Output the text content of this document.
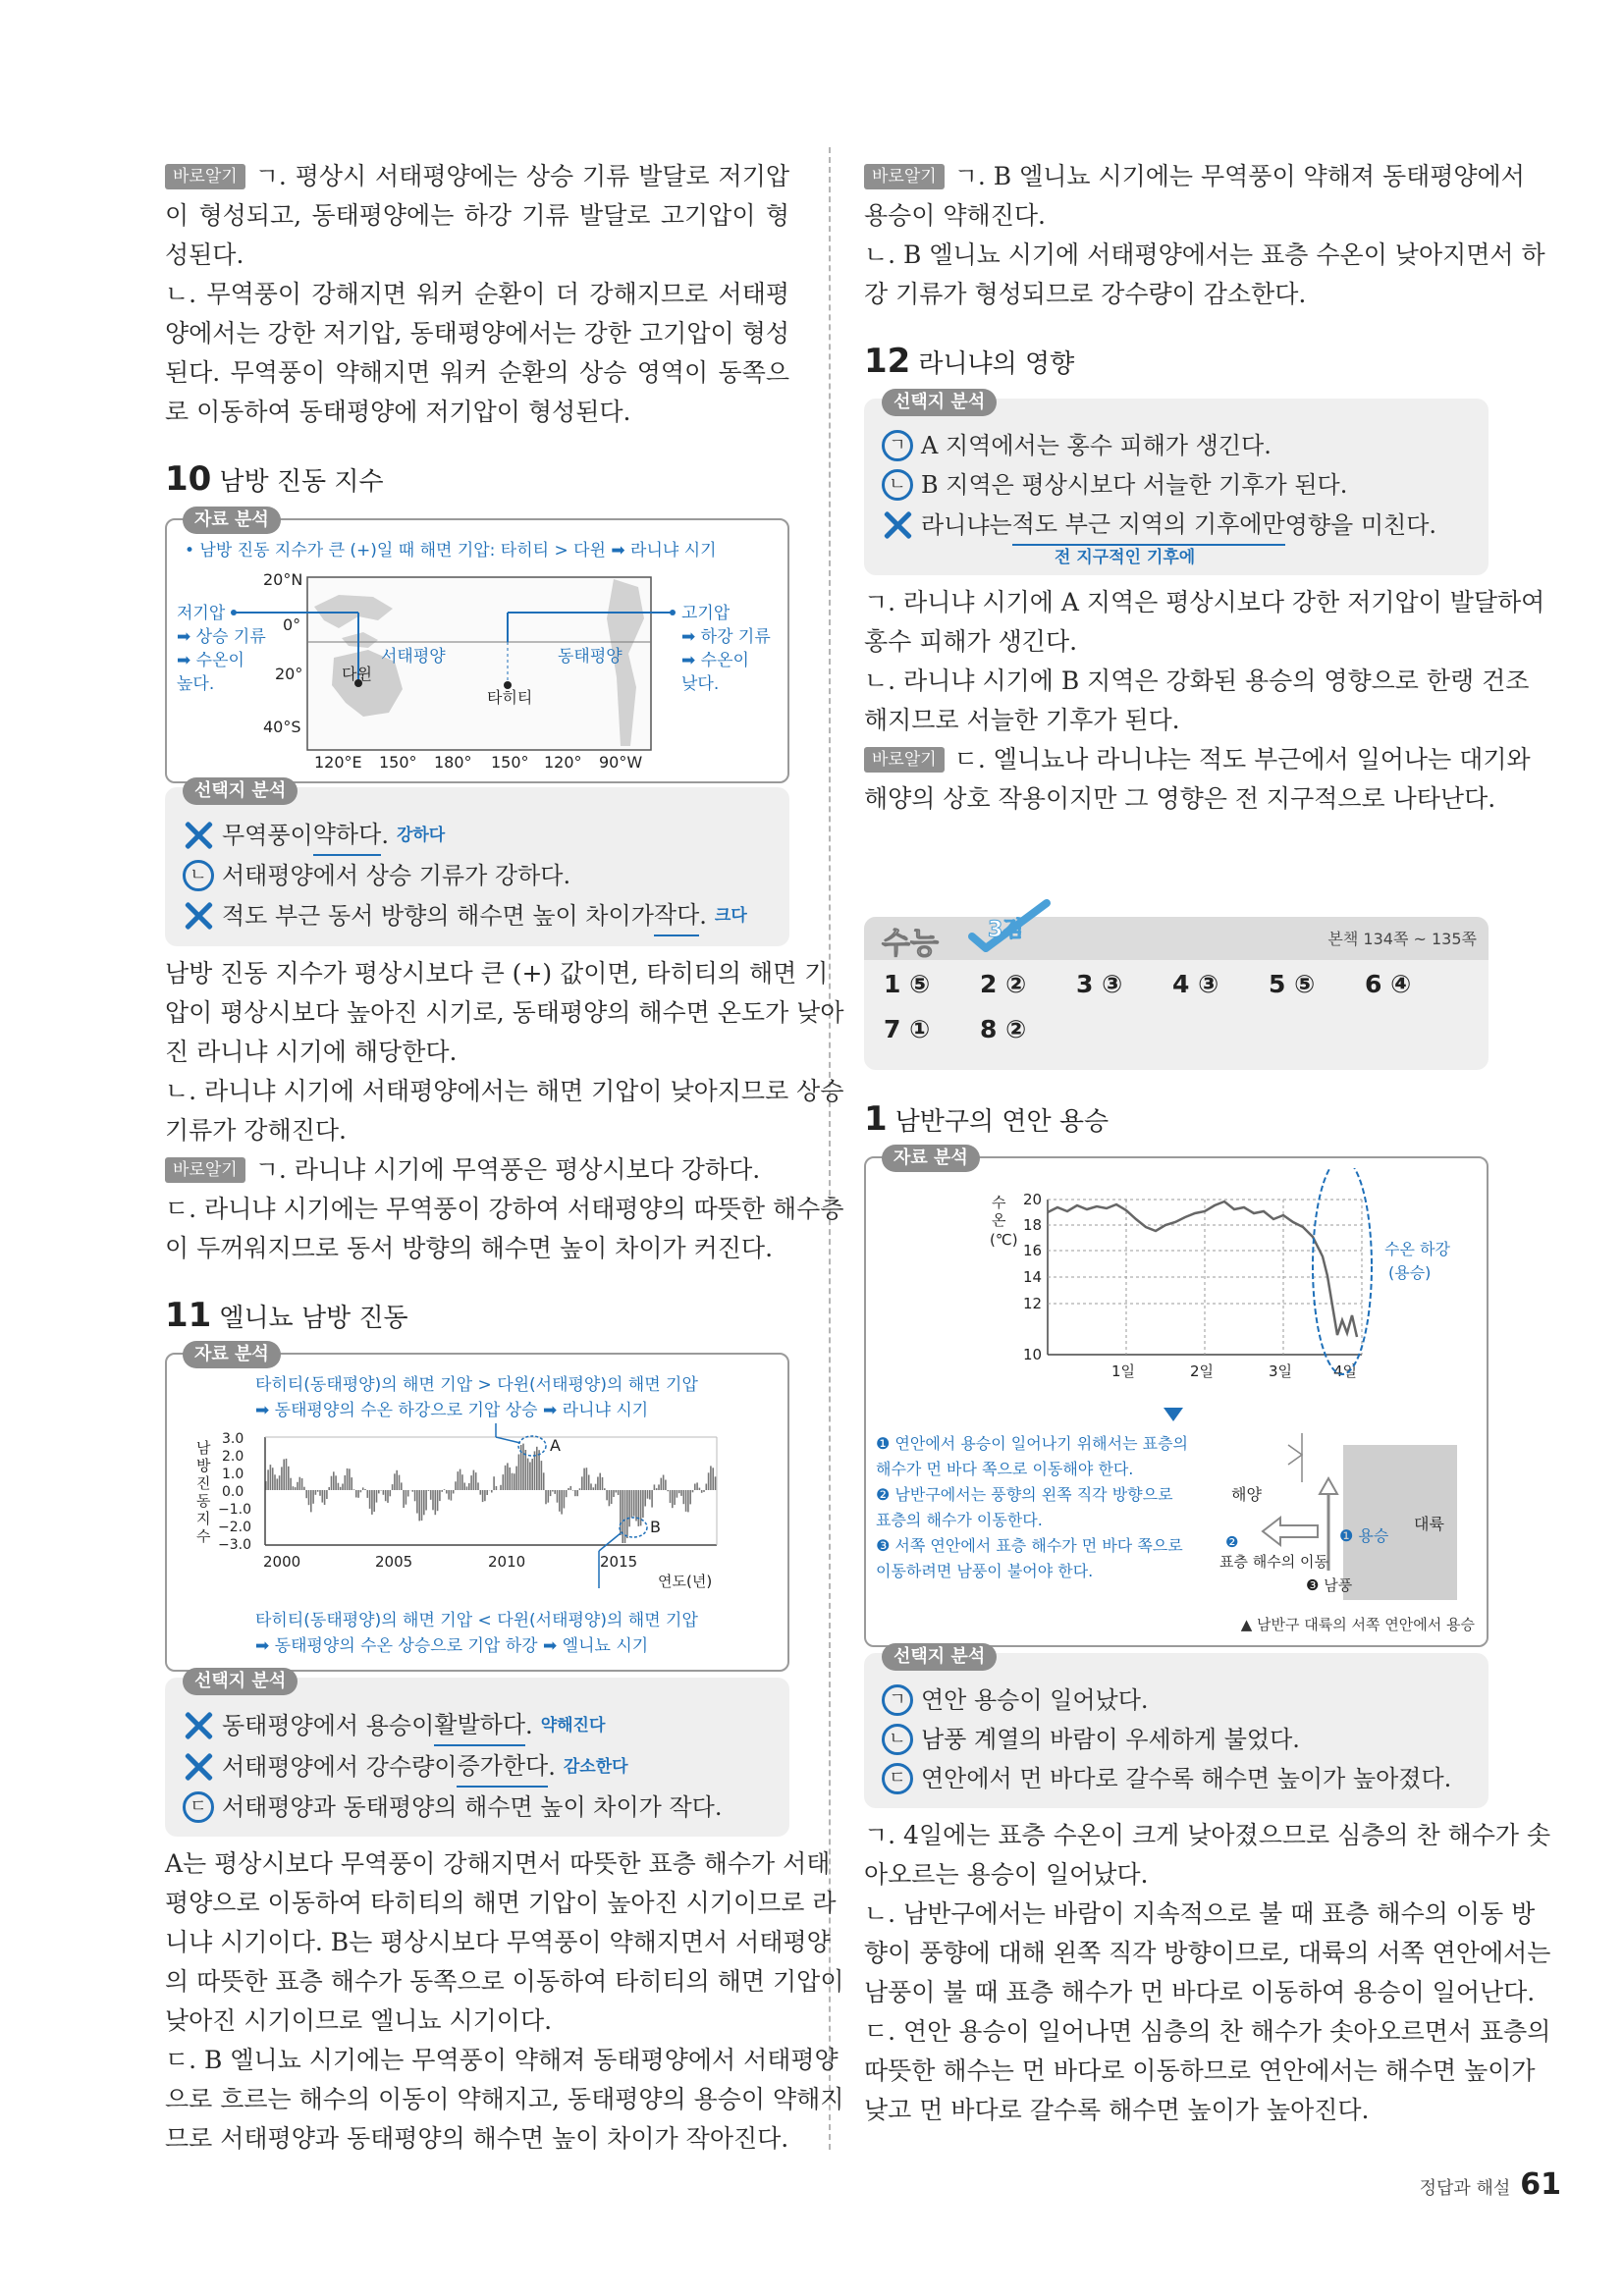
바로알기 ㄱ. 평상시 서태평양에는 상승 기류 발달로 저기압이 형성되고, 동태평양에는 하강 기류 발달로 고기압이 형성된다.
ㄴ. 무역풍이 강해지면 워커 순환이 더 강해지므로 서태평양에서는 강한 저기압, 동태평양에서는 강한 고기압이 형성된다. 무역풍이 약해지면 워커 순환의 상승 영역이 동쪽으로 이동하여 동태평양에 저기압이 형성된다.
10 남방 진동 지수
자료 분석
• 남방 진동 지수가 큰 (+)일 때 해면 기압: 타히티 > 다윈 ➡ 라니냐 시기
20°N
0°
20°
40°S
120°E 150° 180° 150° 120° 90°W
서태평양	동태평양
다윈
타히티
저기압
➡ 상승 기류
➡ 수온이
높다.
고기압
➡ 하강 기류
➡ 수온이
낮다.
선택지 분석
무역풍이 약하다 . 강하다
ㄴ 서태평양에서 상승 기류가 강하다.
적도 부근 동서 방향의 해수면 높이 차이가 작다 . 크다
남방 진동 지수가 평상시보다 큰 (+) 값이면, 타히티의 해면 기
압이 평상시보다 높아진 시기로, 동태평양의 해수면 온도가 낮아
진 라니냐 시기에 해당한다.
ㄴ. 라니냐 시기에 서태평양에서는 해면 기압이 낮아지므로 상승
기류가 강해진다.
바로알기 ㄱ. 라니냐 시기에 무역풍은 평상시보다 강하다.
ㄷ. 라니냐 시기에는 무역풍이 강하여 서태평양의 따뜻한 해수층
이 두꺼워지므로 동서 방향의 해수면 높이 차이가 커진다.
11 엘니뇨 남방 진동
자료 분석
타히티(동태평양)의 해면 기압 > 다윈(서태평양)의 해면 기압
➡ 동태평양의 수온 하강으로 기압 상승 ➡ 라니냐 시기
남
방
진
동
지
수
3.0
2.0
1.0
0.0
−1.0
−2.0
−3.0
2000	2005	2010	2015
연도(년)
A
B
타히티(동태평양)의 해면 기압 < 다윈(서태평양)의 해면 기압
➡ 동태평양의 수온 상승으로 기압 하강 ➡ 엘니뇨 시기
선택지 분석
동태평양에서 용승이 활발하다 . 약해진다
서태평양에서 강수량이 증가한다 . 감소한다
ㄷ 서태평양과 동태평양의 해수면 높이 차이가 작다.
A는 평상시보다 무역풍이 강해지면서 따뜻한 표층 해수가 서태
평양으로 이동하여 타히티의 해면 기압이 높아진 시기이므로 라
니냐 시기이다. B는 평상시보다 무역풍이 약해지면서 서태평양
의 따뜻한 표층 해수가 동쪽으로 이동하여 타히티의 해면 기압이
낮아진 시기이므로 엘니뇨 시기이다.
ㄷ. B 엘니뇨 시기에는 무역풍이 약해져 동태평양에서 서태평양
으로 흐르는 해수의 이동이 약해지고, 동태평양의 용승이 약해지
므로 서태평양과 동태평양의 해수면 높이 차이가 작아진다.
바로알기 ㄱ. B 엘니뇨 시기에는 무역풍이 약해져 동태평양에서
용승이 약해진다.
ㄴ. B 엘니뇨 시기에 서태평양에서는 표층 수온이 낮아지면서 하
강 기류가 형성되므로 강수량이 감소한다.
12 라니냐의 영향
선택지 분석
ㄱ A 지역에서는 홍수 피해가 생긴다.
ㄴ B 지역은 평상시보다 서늘한 기후가 된다.
라니냐는 적도 부근 지역의 기후에만 영향을 미친다.
전 지구적인 기후에
ㄱ. 라니냐 시기에 A 지역은 평상시보다 강한 저기압이 발달하여
홍수 피해가 생긴다.
ㄴ. 라니냐 시기에 B 지역은 강화된 용승의 영향으로 한랭 건조
해지므로 서늘한 기후가 된다.
바로알기 ㄷ. 엘니뇨나 라니냐는 적도 부근에서 일어나는 대기와
해양의 상호 작용이지만 그 영향은 전 지구적으로 나타난다.
수능 3점	본책 134쪽 ~ 135쪽
1 ⑤ 2 ② 3 ③ 4 ③ 5 ⑤ 6 ④
7 ① 8 ②
1 남반구의 연안 용승
자료 분석
수
온
(℃)
20
18
16
14
12
10
1일	2일	3일	4일
수온 하강
(용승)
❶ 연안에서 용승이 일어나기 위해서는 표층의
해수가 먼 바다 쪽으로 이동해야 한다.
❷ 남반구에서는 풍향의 왼쪽 직각 방향으로
표층의 해수가 이동한다.
❸ 서쪽 연안에서 표층 해수가 먼 바다 쪽으로
이동하려면 남풍이 불어야 한다.
해양
대륙
❶ 용승
❷
표층 해수의 이동
❸ 남풍
▲ 남반구 대륙의 서쪽 연안에서 용승
선택지 분석
ㄱ 연안 용승이 일어났다.
ㄴ 남풍 계열의 바람이 우세하게 불었다.
ㄷ 연안에서 먼 바다로 갈수록 해수면 높이가 높아졌다.
ㄱ. 4일에는 표층 수온이 크게 낮아졌으므로 심층의 찬 해수가 솟
아오르는 용승이 일어났다.
ㄴ. 남반구에서는 바람이 지속적으로 불 때 표층 해수의 이동 방
향이 풍향에 대해 왼쪽 직각 방향이므로, 대륙의 서쪽 연안에서는
남풍이 불 때 표층 해수가 먼 바다로 이동하여 용승이 일어난다.
ㄷ. 연안 용승이 일어나면 심층의 찬 해수가 솟아오르면서 표층의
따뜻한 해수는 먼 바다로 이동하므로 연안에서는 해수면 높이가
낮고 먼 바다로 갈수록 해수면 높이가 높아진다.
정답과 해설 61
